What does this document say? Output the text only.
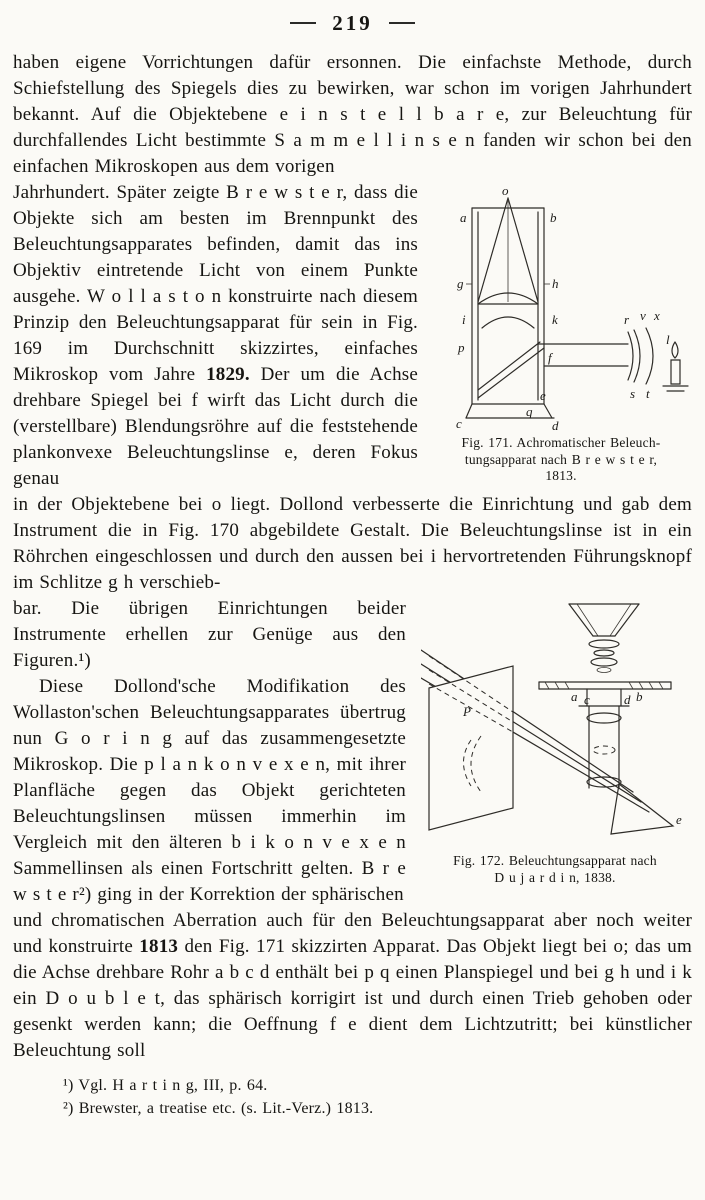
219

haben eigene Vorrichtungen dafür ersonnen. Die einfachste Methode, durch Schiefstellung des Spiegels dies zu bewirken, war schon im vorigen Jahrhundert bekannt. Auf die Objektebene e i n s t e l l b a r e, zur Beleuchtung für durchfallendes Licht bestimmte S a m m e l l i n s e n fanden wir schon bei den einfachen Mikroskopen aus dem vorigen

o
a	b
g	h
i	k
p
f
r v x
l
s t
e
q
c	d
Fig. 171. Achromatischer Beleuch-
tungsapparat nach B r e w s t e r,
1813.

Jahrhundert. Später zeigte B r e w s t e r, dass die Objekte sich am besten im Brennpunkt des Beleuchtungsapparates befinden, damit das ins Objektiv eintretende Licht von einem Punkte ausgehe. W o l l a s t o n konstruirte nach diesem Prinzip den Beleuchtungsapparat für sein in Fig. 169 im Durchschnitt skizzirtes, einfaches Mikroskop vom Jahre 1829. Der um die Achse drehbare Spiegel bei f wirft das Licht durch die (verstellbare) Blendungsröhre auf die feststehende plankonvexe Beleuchtungslinse e, deren Fokus genau

in der Objektebene bei o liegt. Dollond verbesserte die Einrichtung und gab dem Instrument die in Fig. 170 abgebildete Gestalt. Die Beleuchtungslinse ist in ein Röhrchen eingeschlossen und durch den aussen bei i hervortretenden Führungsknopf im Schlitze g h verschieb-

P
a c	d b
e
Fig. 172. Beleuchtungsapparat nach
D u j a r d i n, 1838.

bar. Die übrigen Einrichtungen beider Instrumente erhellen zur Genüge aus den Figuren.¹)

Diese Dollond'sche Modifikation des Wollaston'schen Beleuchtungsapparates übertrug nun G o r i n g auf das zusammengesetzte Mikroskop. Die p l a n k o n v e x e n, mit ihrer Planfläche gegen das Objekt gerichteten Beleuchtungslinsen müssen immerhin im Vergleich mit den älteren b i k o n v e x e n Sammellinsen als einen Fortschritt gelten. B r e w s t e r²) ging in der Korrektion der sphärischen

und chromatischen Aberration auch für den Beleuchtungsapparat aber noch weiter und konstruirte 1813 den Fig. 171 skizzirten Apparat. Das Objekt liegt bei o; das um die Achse drehbare Rohr a b c d enthält bei p q einen Planspiegel und bei g h und i k ein D o u b l e t, das sphärisch korrigirt ist und durch einen Trieb gehoben oder gesenkt werden kann; die Oeffnung f e dient dem Lichtzutritt; bei künstlicher Beleuchtung soll

¹) Vgl. H a r t i n g, III, p. 64.

²) Brewster, a treatise etc. (s. Lit.-Verz.) 1813.
